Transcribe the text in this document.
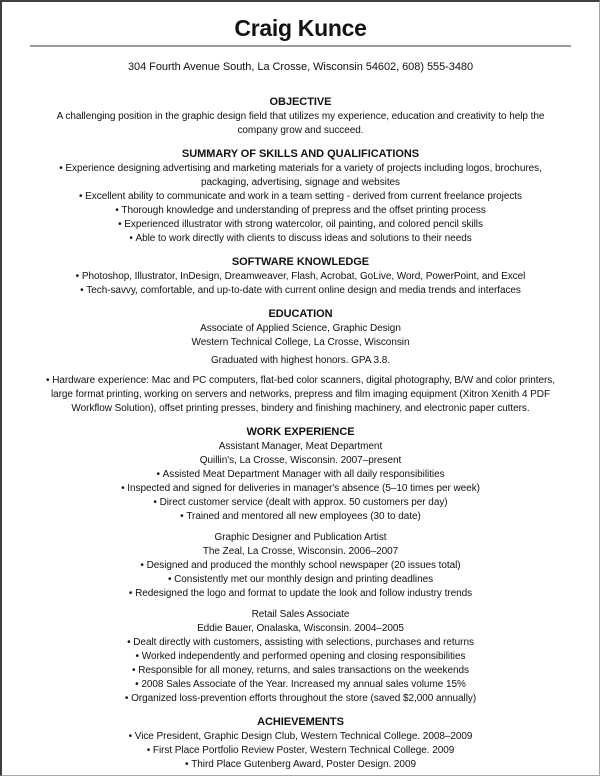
Craig Kunce

304 Fourth Avenue South, La Crosse, Wisconsin 54602, 608) 555-3480

OBJECTIVE

A challenging position in the graphic design field that utilizes my experience, education and creativity to help the company grow and succeed.

SUMMARY OF SKILLS AND QUALIFICATIONS
• Experience designing advertising and marketing materials for a variety of projects including logos, brochures, packaging, advertising, signage and websites
• Excellent ability to communicate and work in a team setting - derived from current freelance projects
• Thorough knowledge and understanding of prepress and the offset printing process
• Experienced illustrator with strong watercolor, oil painting, and colored pencil skills
• Able to work directly with clients to discuss ideas and solutions to their needs
SOFTWARE KNOWLEDGE
• Photoshop, Illustrator, InDesign, Dreamweaver, Flash, Acrobat, GoLive, Word, PowerPoint, and Excel
• Tech-savvy, comfortable, and up-to-date with current online design and media trends and interfaces
EDUCATION

Associate of Applied Science, Graphic Design

Western Technical College, La Crosse, Wisconsin

Graduated with highest honors. GPA 3.8.

• Hardware experience: Mac and PC computers, flat-bed color scanners, digital photography, B/W and color printers, large format printing, working on servers and networks, prepress and film imaging equipment (Xitron Xenith 4 PDF Workflow Solution), offset printing presses, bindery and finishing machinery, and electronic paper cutters.
WORK EXPERIENCE

Assistant Manager, Meat Department

Quillin's, La Crosse, Wisconsin. 2007–present

• Assisted Meat Department Manager with all daily responsibilities
• Inspected and signed for deliveries in manager's absence (5–10 times per week)
• Direct customer service (dealt with approx. 50 customers per day)
• Trained and mentored all new employees (30 to date)

Graphic Designer and Publication Artist

The Zeal, La Crosse, Wisconsin. 2006–2007

• Designed and produced the monthly school newspaper (20 issues total)
• Consistently met our monthly design and printing deadlines
• Redesigned the logo and format to update the look and follow industry trends

Retail Sales Associate

Eddie Bauer, Onalaska, Wisconsin. 2004–2005

• Dealt directly with customers, assisting with selections, purchases and returns
• Worked independently and performed opening and closing responsibilities
• Responsible for all money, returns, and sales transactions on the weekends
• 2008 Sales Associate of the Year. Increased my annual sales volume 15%
• Organized loss-prevention efforts throughout the store (saved $2,000 annually)
ACHIEVEMENTS
• Vice President, Graphic Design Club, Western Technical College. 2008–2009
• First Place Portfolio Review Poster, Western Technical College. 2009
• Third Place Gutenberg Award, Poster Design. 2009
